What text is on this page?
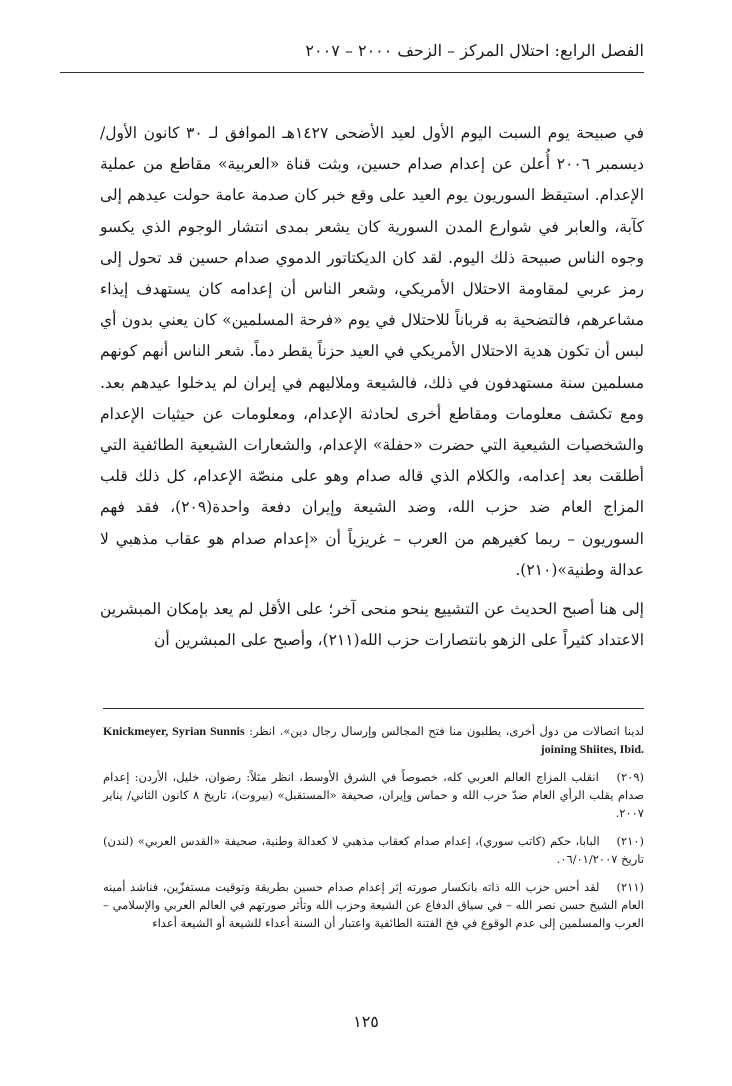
الفصل الرابع: احتلال المركز – الزحف ٢٠٠٠ – ٢٠٠٧

في صبيحة يوم السبت اليوم الأول لعيد الأضحى ١٤٢٧هـ الموافق لـ ٣٠ كانون الأول/ ديسمبر ٢٠٠٦ أُعلن عن إعدام صدام حسين، وبثت قناة «العربية» مقاطع من عملية الإعدام. استيقظ السوريون يوم العيد على وقع خبر كان صدمة عامة حولت عيدهم إلى كآبة، والعابر في شوارع المدن السورية كان يشعر بمدى انتشار الوجوم الذي يكسو وجوه الناس صبيحة ذلك اليوم. لقد كان الديكتاتور الدموي صدام حسين قد تحول إلى رمز عربي لمقاومة الاحتلال الأمريكي، وشعر الناس أن إعدامه كان يستهدف إيذاء مشاعرهم، فالتضحية به قرباناً للاحتلال في يوم «فرحة المسلمين» كان يعني بدون أي لبس أن تكون هدية الاحتلال الأمريكي في العيد حزناً يقطر دماً. شعر الناس أنهم كونهم مسلمين سنة مستهدفون في ذلك، فالشيعة وملاليهم في إيران لم يدخلوا عيدهم بعد. ومع تكشف معلومات ومقاطع أخرى لحادثة الإعدام، ومعلومات عن حيثيات الإعدام والشخصيات الشيعية التي حضرت «حفلة» الإعدام، والشعارات الشيعية الطائفية التي أطلقت بعد إعدامه، والكلام الذي قاله صدام وهو على منصّة الإعدام، كل ذلك قلب المزاج العام ضد حزب الله، وضد الشيعة وإيران دفعة واحدة(٢٠٩)، فقد فهم السوريون – ربما كغيرهم من العرب – غريزياً أن «إعدام صدام هو عقاب مذهبي لا عدالة وطنية»(٢١٠).

إلى هنا أصبح الحديث عن التشييع ينحو منحى آخر؛ على الأقل لم يعد بإمكان المبشرين الاعتداد كثيراً على الزهو بانتصارات حزب الله(٢١١)، وأصبح على المبشرين أن

لدينا اتصالات من دول أخرى، يطلبون منا فتح المجالس وإرسال رجال دين». انظر: Knickmeyer, Syrian Sunnis joining Shiites, Ibid.

(٢٠٩) انقلب المزاج العالم العربي كله، خصوصاً في الشرق الأوسط، انظر مثلاً: رضوان، خليل، الأردن: إعدام صدام يقلب الرأي العام ضدّ حزب الله و حماس وإيران، صحيفة «المستقبل» (بيروت)، تاريخ ٨ كانون الثاني/ يناير ٢٠٠٧.

(٢١٠) البابا، حكم (كاتب سوري)، إعدام صدام كعقاب مذهبي لا كعدالة وطنية، صحيفة «القدس العربي» (لندن) تاريخ ٠٦/٠١/٢٠٠٧.

(٢١١) لقد أحس حزب الله ذاته بانكسار صورته إثر إعدام صدام حسين بطريقة وتوقيت مستفزّين، فناشد أمينه العام الشيخ حسن نصر الله – في سياق الدفاع عن الشيعة وحزب الله وتأثر صورتهم في العالم العربي والإسلامي – العرب والمسلمين إلى عدم الوقوع في فخ الفتنة الطائفية واعتبار أن السنة أعداء للشيعة أو الشيعة أعداء

١٢٥
